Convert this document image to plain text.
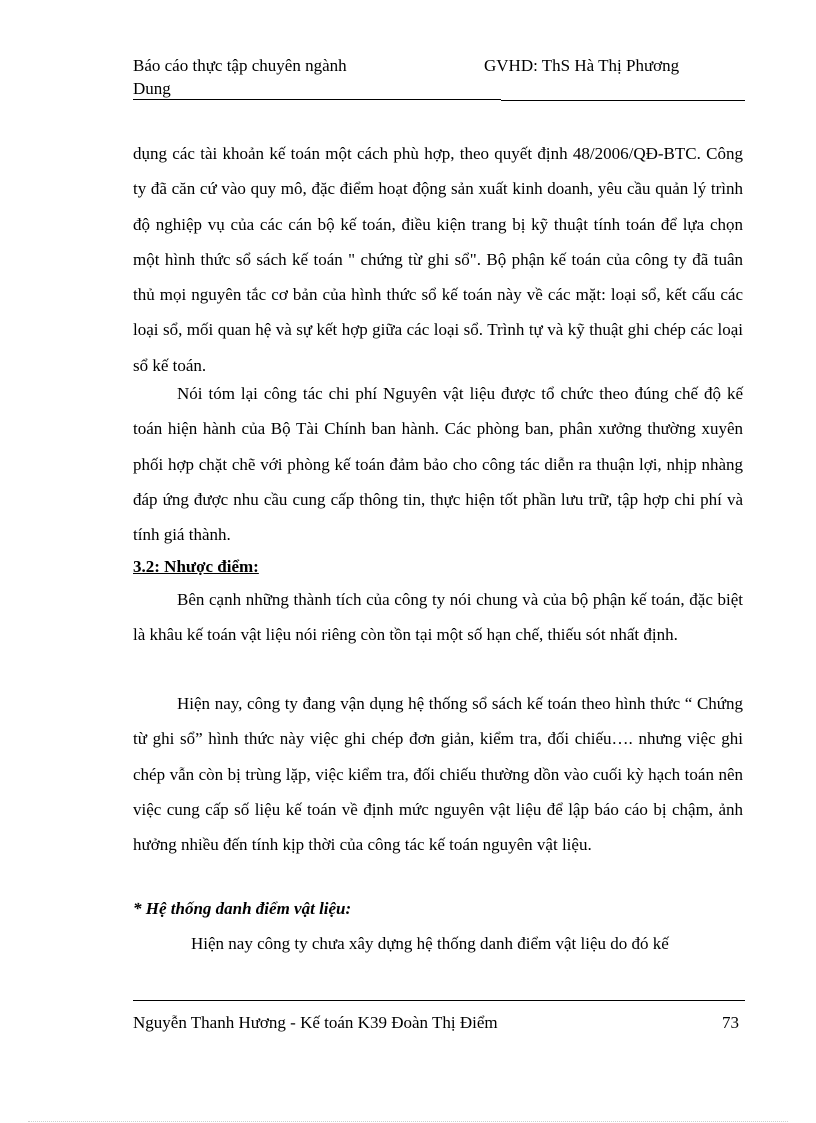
Báo cáo thực tập chuyên ngành Dung
GVHD: ThS Hà Thị Phương

dụng các tài khoản kế toán một cách phù hợp, theo quyết định 48/2006/QĐ-BTC. Công ty đã căn cứ vào quy mô, đặc điểm hoạt động sản xuất kinh doanh, yêu cầu quản lý trình độ nghiệp vụ của các cán bộ kế toán, điều kiện trang bị kỹ thuật tính toán để lựa chọn một hình thức sổ sách kế toán " chứng từ ghi sổ". Bộ phận kế toán của công ty đã tuân thủ mọi nguyên tắc cơ bản của hình thức sổ kế toán này về các mặt: loại sổ, kết cấu các loại sổ, mối quan hệ và sự kết hợp giữa các loại sổ. Trình tự và kỹ thuật ghi chép các loại sổ kế toán.

Nói tóm lại công tác chi phí Nguyên vật liệu được tổ chức theo đúng chế độ kế toán hiện hành của Bộ Tài Chính ban hành. Các phòng ban, phân xưởng thường xuyên phối hợp chặt chẽ với phòng kế toán đảm bảo cho công tác diễn ra thuận lợi, nhịp nhàng đáp ứng được nhu cầu cung cấp thông tin, thực hiện tốt phần lưu trữ, tập hợp chi phí và tính giá thành.

3.2: Nhược điểm:

Bên cạnh những thành tích của công ty nói chung và của bộ phận kế toán, đặc biệt là khâu kế toán vật liệu nói riêng còn tồn tại một số hạn chế, thiếu sót nhất định.

Hiện nay, công ty đang vận dụng hệ thống sổ sách kế toán theo hình thức “ Chứng từ ghi sổ” hình thức này việc ghi chép đơn giản, kiểm tra, đối chiếu…. nhưng việc ghi chép vẫn còn bị trùng lặp, việc kiểm tra, đối chiếu thường dồn vào cuối kỳ hạch toán nên việc cung cấp số liệu kế toán về định mức nguyên vật liệu để lập báo cáo bị chậm, ảnh hưởng nhiều đến tính kịp thời của công tác kế toán nguyên vật liệu.

* Hệ thống danh điểm vật liệu:

Hiện nay công ty chưa xây dựng hệ thống danh điểm vật liệu do đó kế

Nguyễn Thanh Hương - Kế toán K39 Đoàn Thị Điểm	73
